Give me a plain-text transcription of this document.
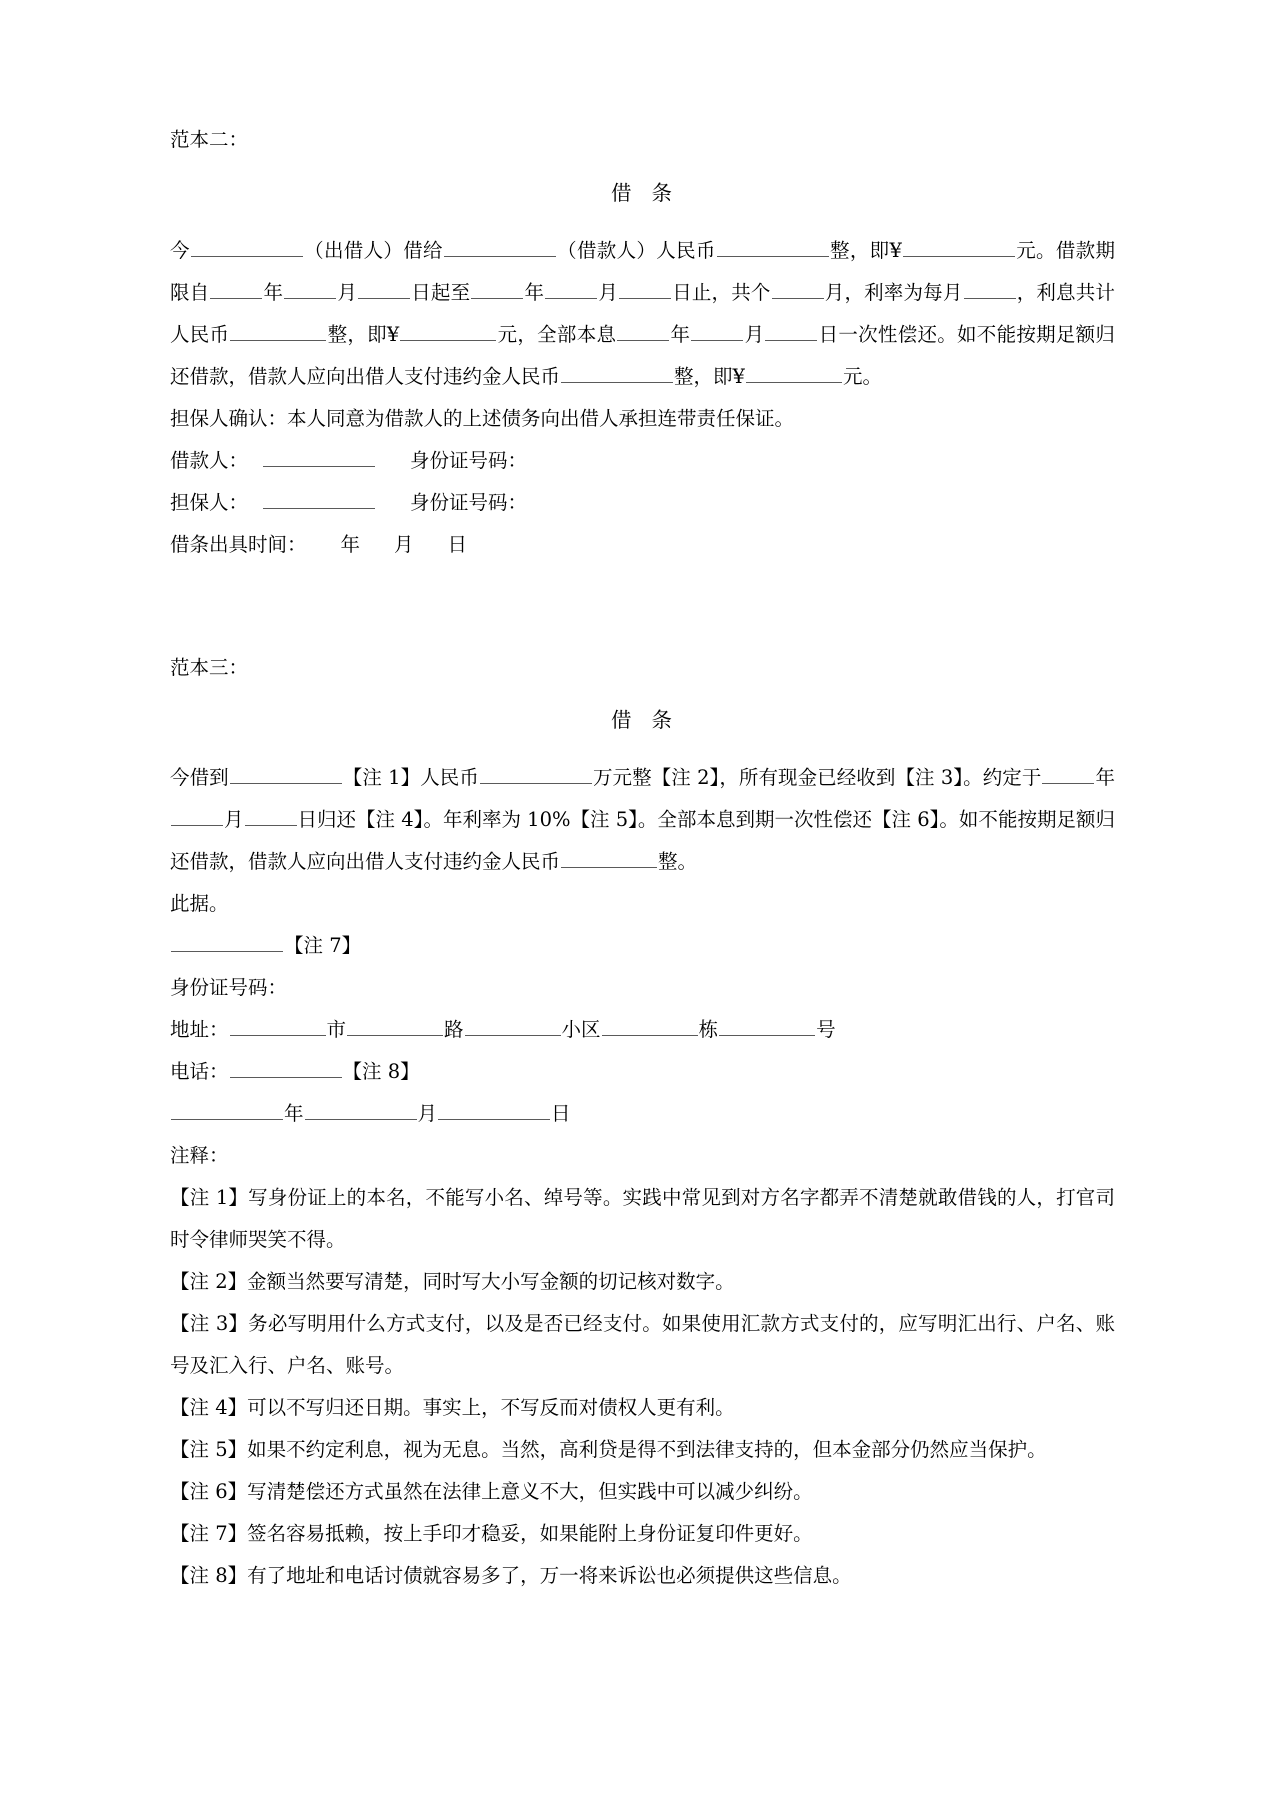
范本二：

借 条

今	（出借人）借给	（借款人）人民币	整，即¥	元。借款期限自	年	月	日起至	年	月	日止，共个	月，利率为每月	，利息共计人民币	整，即¥	元，全部本息	年	月	日一次性偿还。如不能按期足额归还借款，借款人应向出借人支付违约金人民币	整，即¥	元。

担保人确认：本人同意为借款人的上述债务向出借人承担连带责任保证。

借款人：	身份证号码：

担保人：	身份证号码：

借条出具时间： 年 月 日

范本三：

借 条

今借到	【注 1】人民币	万元整【注 2】，所有现金已经收到【注 3】。约定于	年月	日归还【注 4】。年利率为 10%【注 5】。全部本息到期一次性偿还【注 6】。如不能按期足额归还借款，借款人应向出借人支付违约金人民币	整。

此据。

【注 7】

身份证号码：

地址：	市	路	小区	栋	号

电话：	【注 8】

年	月	日

注释：

【注 1】写身份证上的本名，不能写小名、绰号等。实践中常见到对方名字都弄不清楚就敢借钱的人，打官司时令律师哭笑不得。

【注 2】金额当然要写清楚，同时写大小写金额的切记核对数字。

【注 3】务必写明用什么方式支付，以及是否已经支付。如果使用汇款方式支付的，应写明汇出行、户名、账号及汇入行、户名、账号。

【注 4】可以不写归还日期。事实上，不写反而对债权人更有利。

【注 5】如果不约定利息，视为无息。当然，高利贷是得不到法律支持的，但本金部分仍然应当保护。

【注 6】写清楚偿还方式虽然在法律上意义不大，但实践中可以减少纠纷。

【注 7】签名容易抵赖，按上手印才稳妥，如果能附上身份证复印件更好。

【注 8】有了地址和电话讨债就容易多了，万一将来诉讼也必须提供这些信息。
